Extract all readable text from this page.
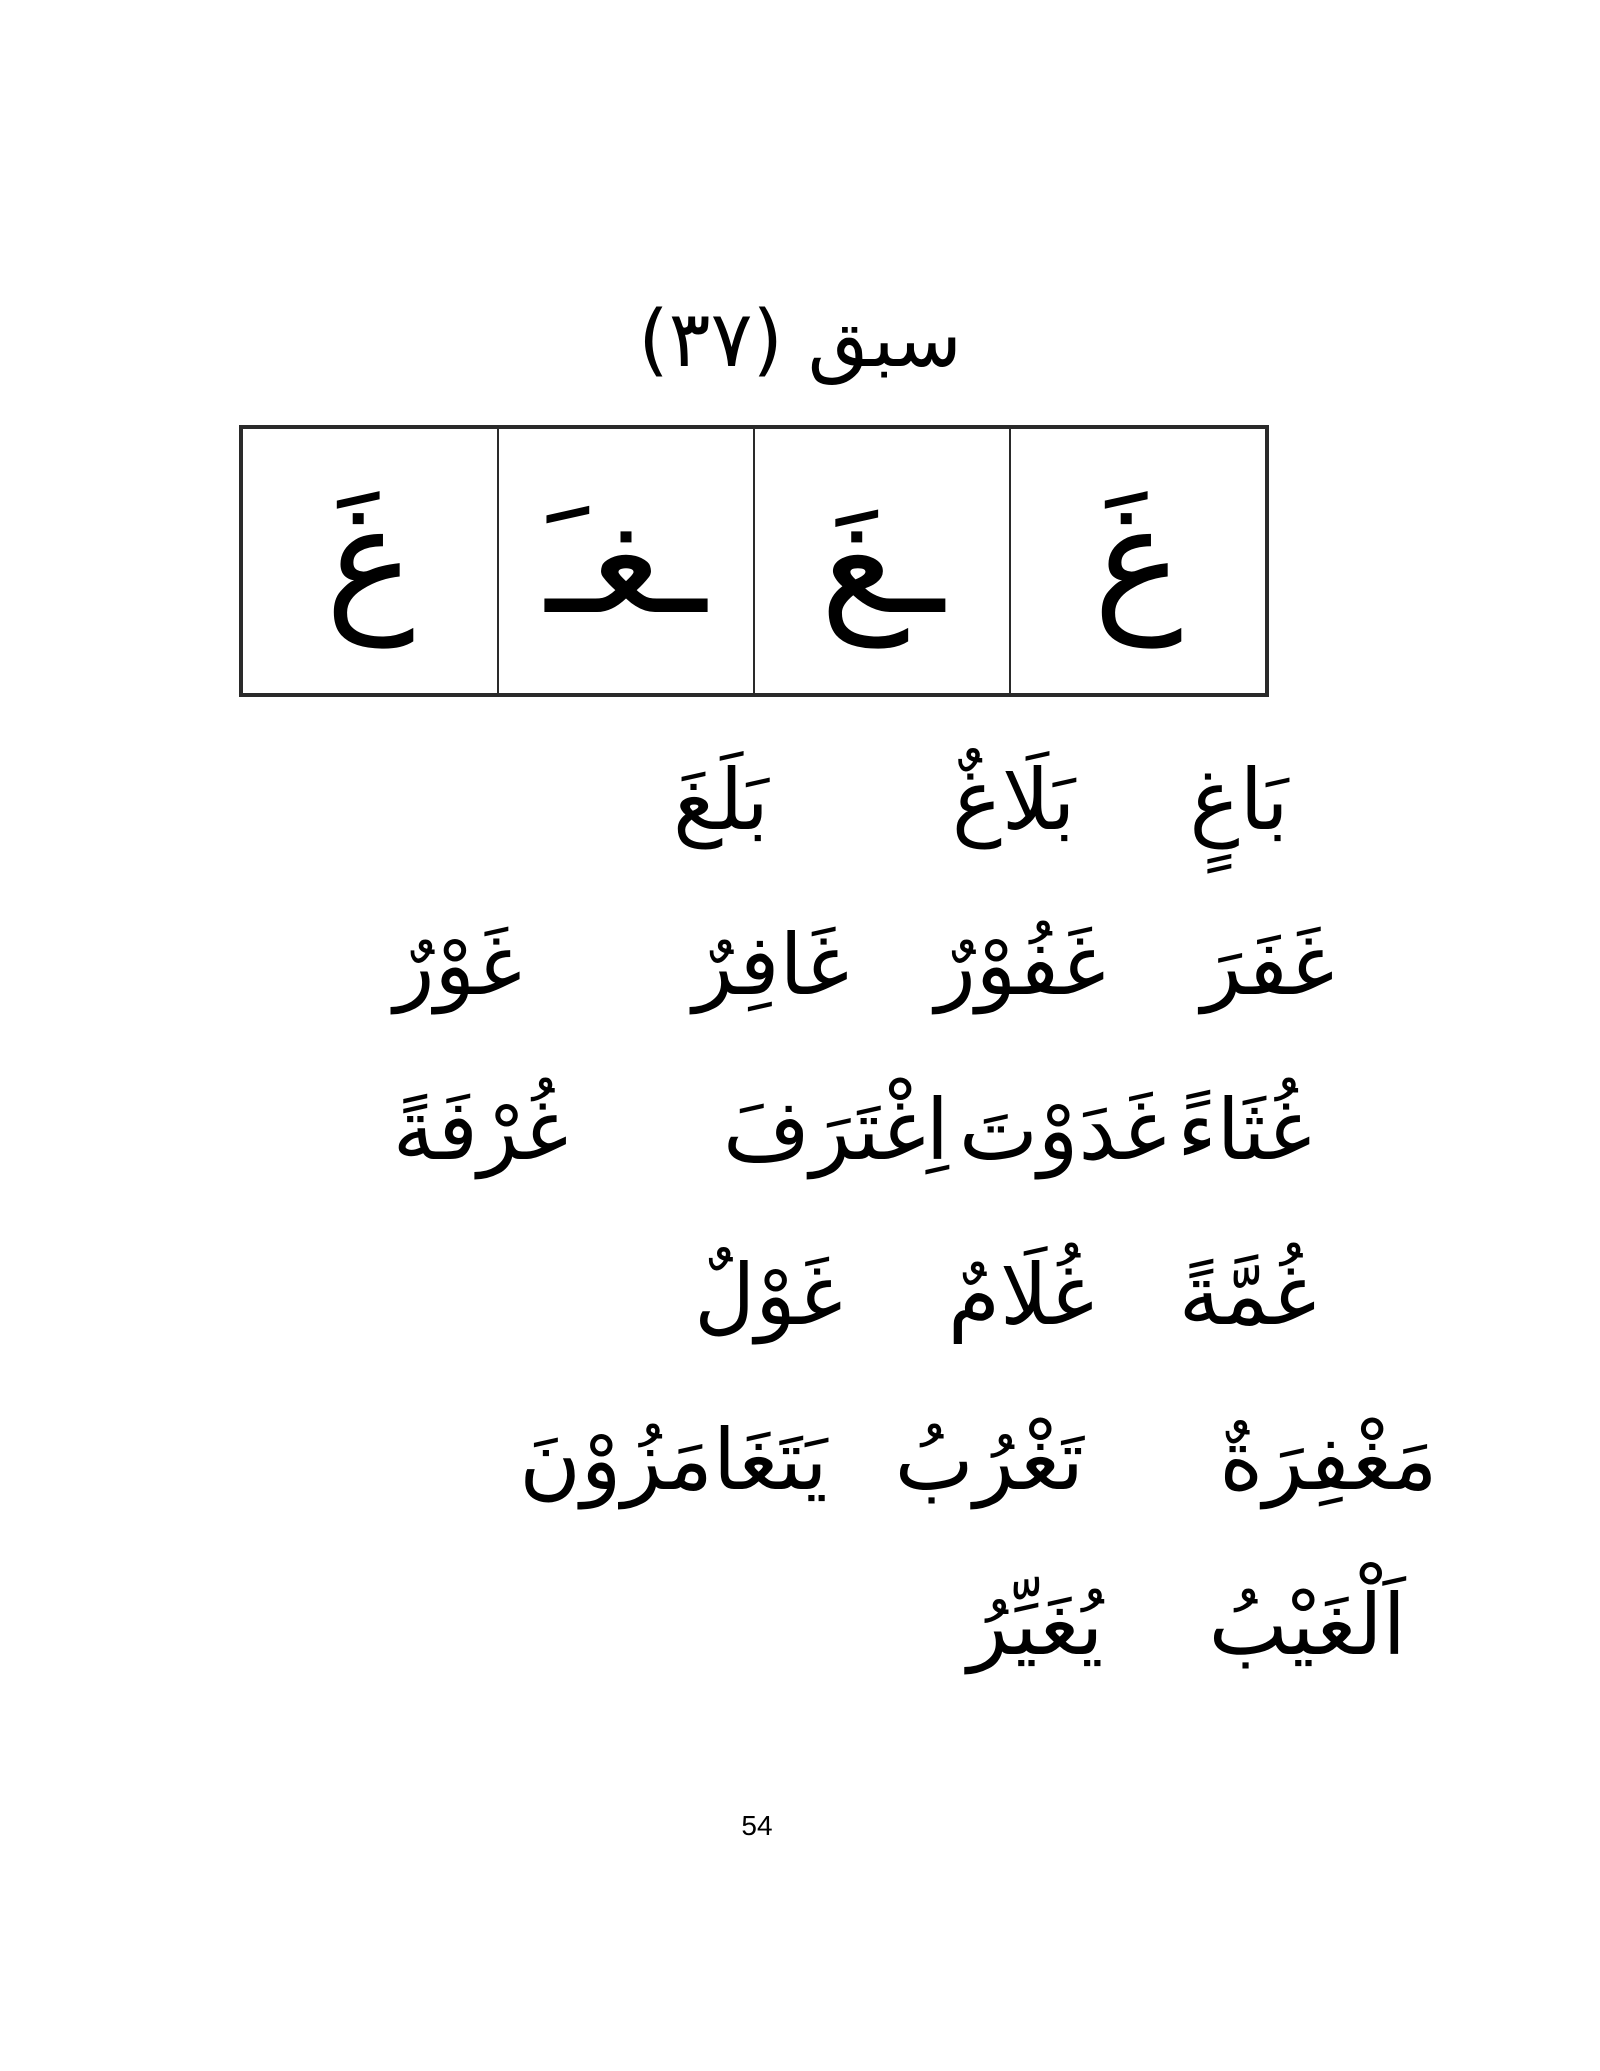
سبق (٣٧)
غَ
ـغَ
ـغـَ
غَ
بَاغٍ
بَلَاغٌ
بَلَغَ
غَفَرَ
غَفُوْرٌ
غَافِرٌ
غَوْرٌ
غُثَاءً
غَدَوْتَ
اِغْتَرَفَ
غُرْفَةً
غُمَّةً
غُلَامٌ
غَوْلٌ
مَغْفِرَةٌ
تَغْرُبُ
يَتَغَامَزُوْنَ
اَلْغَيْبُ
يُغَيِّرُ
54
